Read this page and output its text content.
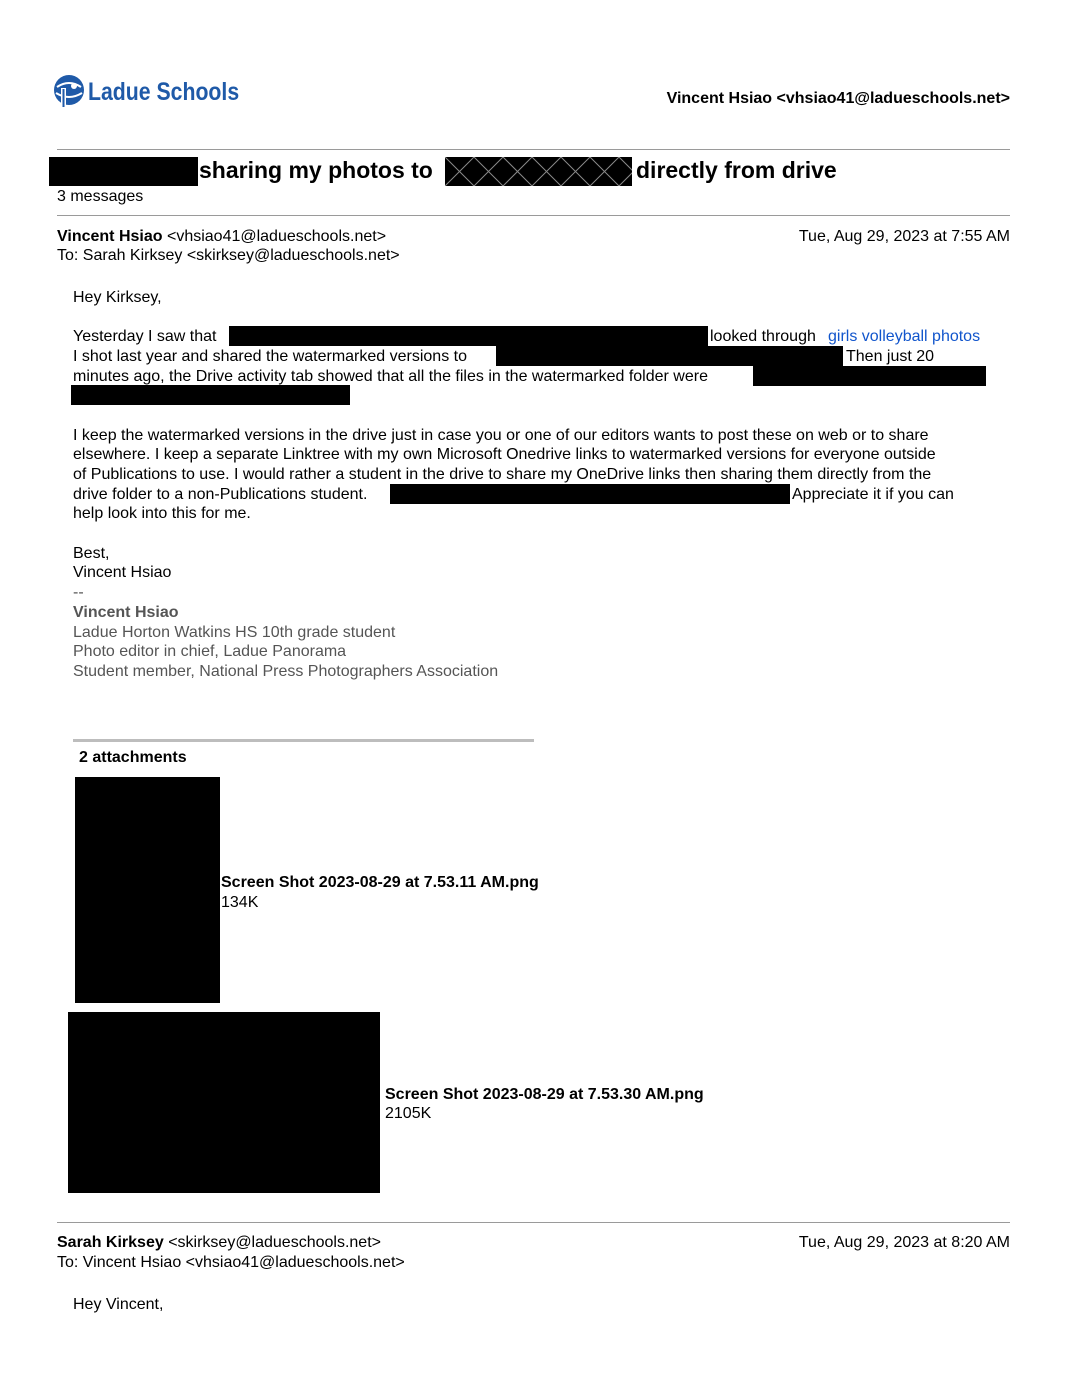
Ladue Schools	Vincent Hsiao <vhsiao41@ladueschools.net>
sharing my photos to	directly from drive
3 messages
Vincent Hsiao <vhsiao41@ladueschools.net>	Tue, Aug 29, 2023 at 7:55 AM
To: Sarah Kirksey <skirksey@ladueschools.net>
Hey Kirksey,
Yesterday I saw that	looked through girls volleyball photos
I shot last year and shared the watermarked versions to	Then just 20
minutes ago, the Drive activity tab showed that all the files in the watermarked folder were
I keep the watermarked versions in the drive just in case you or one of our editors wants to post these on web or to share
elsewhere. I keep a separate Linktree with my own Microsoft Onedrive links to watermarked versions for everyone outside
of Publications to use. I would rather a student in the drive to share my OneDrive links then sharing them directly from the
drive folder to a non-Publications student.	Appreciate it if you can
help look into this for me.
Best,
Vincent Hsiao
--
Vincent Hsiao
Ladue Horton Watkins HS 10th grade student
Photo editor in chief, Ladue Panorama
Student member, National Press Photographers Association
2 attachments
Screen Shot 2023-08-29 at 7.53.11 AM.png
134K
Screen Shot 2023-08-29 at 7.53.30 AM.png
2105K
Sarah Kirksey <skirksey@ladueschools.net>	Tue, Aug 29, 2023 at 8:20 AM
To: Vincent Hsiao <vhsiao41@ladueschools.net>
Hey Vincent,
